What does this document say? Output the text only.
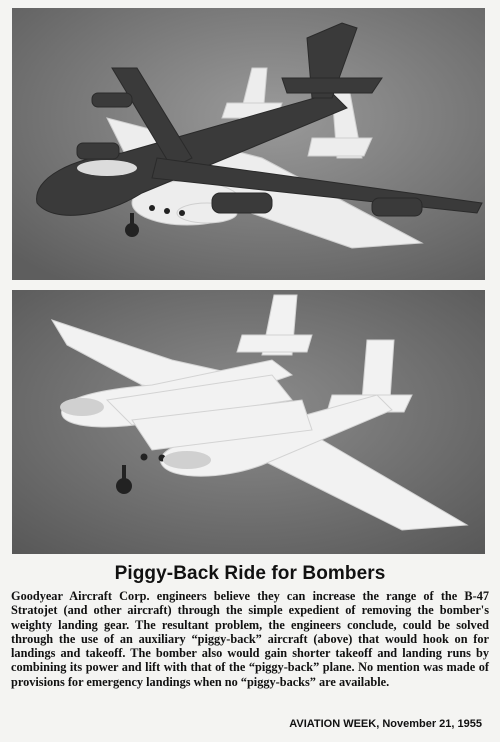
Piggy-Back Ride for Bombers
Goodyear Aircraft Corp. engineers believe they can increase the range of the B-47 Stratojet (and other aircraft) through the simple expedient of removing the bomber's weighty landing gear. The resultant problem, the engineers conclude, could be solved through the use of an auxiliary “piggy-back” aircraft (above) that would hook on for landings and takeoff. The bomber also would gain shorter takeoff and landing runs by combining its power and lift with that of the “piggy-back” plane. No mention was made of provisions for emergency landings when no “piggy-backs” are available.
AVIATION WEEK, November 21, 1955
